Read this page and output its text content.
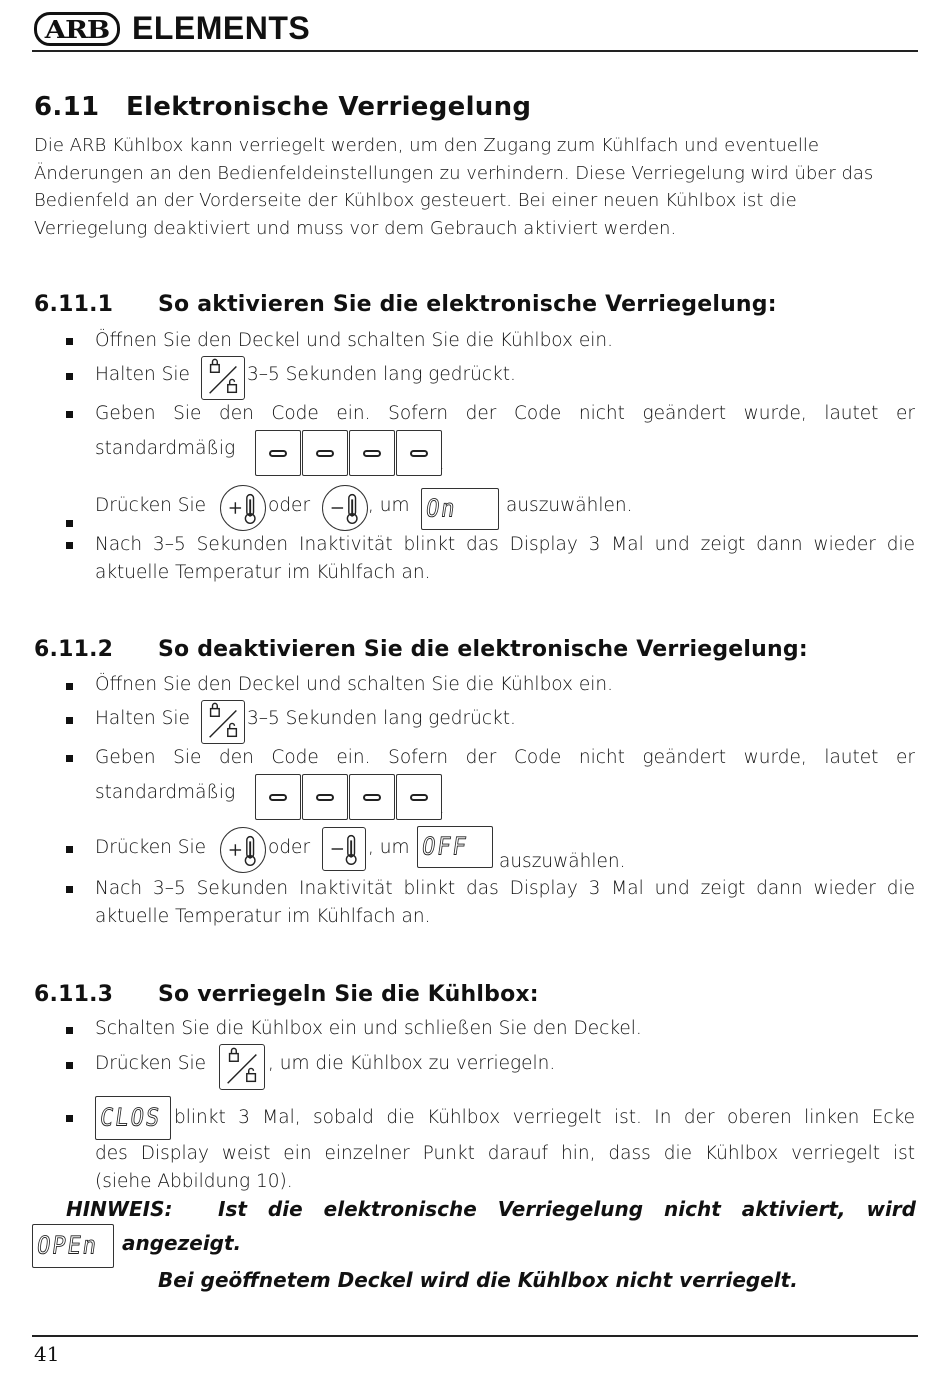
ARB ELEMENTS
6.11 Elektronische Verriegelung
Die ARB Kühlbox kann verriegelt werden, um den Zugang zum Kühlfach und eventuelle Änderungen an den Bedienfeldeinstellungen zu verhindern. Diese Verriegelung wird über das Bedienfeld an der Vorderseite der Kühlbox gesteuert. Bei einer neuen Kühlbox ist die Verriegelung deaktiviert und muss vor dem Gebrauch aktiviert werden.
6.11.1 So aktivieren Sie die elektronische Verriegelung:
Öffnen Sie den Deckel und schalten Sie die Kühlbox ein.
Halten Sie	3–5 Sekunden lang gedrückt.
Geben Sie den Code ein. Sofern der Code nicht geändert wurde, lautet er
standardmäßig
.
Drücken Sie	oder	, um On	auszuwählen.
Nach 3–5 Sekunden Inaktivität blinkt das Display 3 Mal und zeigt dann wieder die
aktuelle Temperatur im Kühlfach an.
6.11.2 So deaktivieren Sie die elektronische Verriegelung:
Öffnen Sie den Deckel und schalten Sie die Kühlbox ein.
Halten Sie	3–5 Sekunden lang gedrückt.
Geben Sie den Code ein. Sofern der Code nicht geändert wurde, lautet er
standardmäßig
.
Drücken Sie	oder	, um OFF
auszuwählen.
Nach 3–5 Sekunden Inaktivität blinkt das Display 3 Mal und zeigt dann wieder die
aktuelle Temperatur im Kühlfach an.
6.11.3 So verriegeln Sie die Kühlbox:
Schalten Sie die Kühlbox ein und schließen Sie den Deckel.
Drücken Sie	, um die Kühlbox zu verriegeln.
CLOS blinkt 3 Mal, sobald die Kühlbox verriegelt ist. In der oberen linken Ecke
des Display weist ein einzelner Punkt darauf hin, dass die Kühlbox verriegelt ist
(siehe Abbildung 10).
HINWEIS: Ist die elektronische Verriegelung nicht aktiviert, wird
OPEn angezeigt.
Bei geöffnetem Deckel wird die Kühlbox nicht verriegelt.
41
